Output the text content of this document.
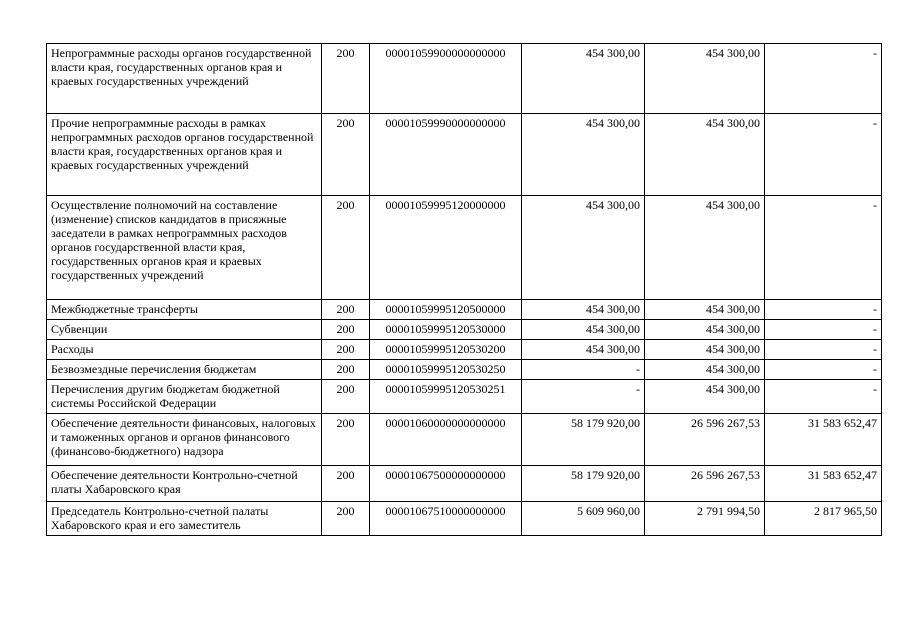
Непрограммные расходы органов государственной власти края, государственных органов края и краевых государственных учреждений	200	00001059900000000000	454 300,00	454 300,00	-
Прочие непрограммные расходы в рамках непрограммных расходов органов государственной власти края, государственных органов края и краевых государственных учреждений	200	00001059990000000000	454 300,00	454 300,00	-
Осуществление полномочий на составление (изменение) списков кандидатов в присяжные заседатели в рамках непрограммных расходов органов государственной власти края, государственных органов края и краевых государственных учреждений	200	00001059995120000000	454 300,00	454 300,00	-
Межбюджетные трансферты	200	00001059995120500000	454 300,00	454 300,00	-
Субвенции	200	00001059995120530000	454 300,00	454 300,00	-
Расходы	200	00001059995120530200	454 300,00	454 300,00	-
Безвозмездные перечисления бюджетам	200	00001059995120530250	-	454 300,00	-
Перечисления другим бюджетам бюджетной системы Российской Федерации	200	00001059995120530251	-	454 300,00	-
Обеспечение деятельности финансовых, налоговых и таможенных органов и органов финансового (финансово-бюджетного) надзора	200	00001060000000000000	58 179 920,00	26 596 267,53	31 583 652,47
Обеспечение деятельности Контрольно-счетной платы Хабаровского края	200	00001067500000000000	58 179 920,00	26 596 267,53	31 583 652,47
Председатель Контрольно-счетной палаты Хабаровского края и его заместитель	200	00001067510000000000	5 609 960,00	2 791 994,50	2 817 965,50
